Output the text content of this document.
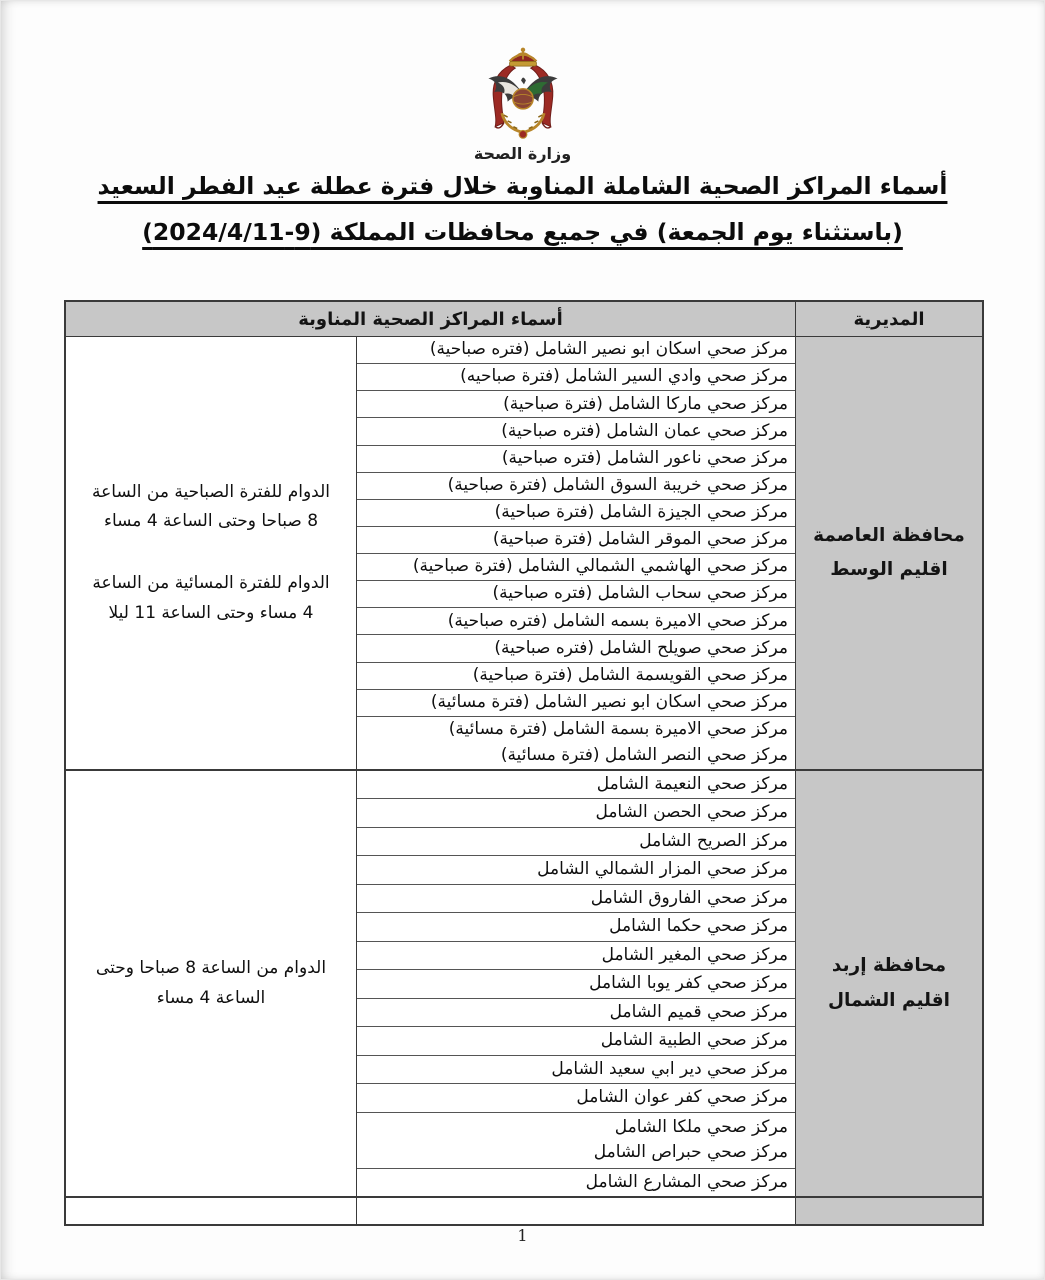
وزارة الصحة
أسماء المراكز الصحية الشاملة المناوبة خلال فترة عطلة عيد الفطر السعيد
(باستثناء يوم الجمعة) في جميع محافظات المملكة (9-2024/4/11)
المديرية
أسماء المراكز الصحية المناوبة
محافظة العاصمة
اقليم الوسط
مركز صحي اسكان ابو نصير الشامل (فتره صباحية)
مركز صحي وادي السير الشامل (فترة صباحيه)
مركز صحي ماركا الشامل (فترة صباحية)
مركز صحي عمان الشامل (فتره صباحية)
مركز صحي ناعور الشامل (فتره صباحية)
مركز صحي خريبة السوق الشامل (فترة صباحية)
مركز صحي الجيزة الشامل (فترة صباحية)
مركز صحي الموقر الشامل (فترة صباحية)
مركز صحي الهاشمي الشمالي الشامل (فترة صباحية)
مركز صحي سحاب الشامل (فتره صباحية)
مركز صحي الاميرة بسمه الشامل (فتره صباحية)
مركز صحي صويلح الشامل (فتره صباحية)
مركز صحي القويسمة الشامل (فترة صباحية)
مركز صحي اسكان ابو نصير الشامل (فترة مسائية)
مركز صحي الاميرة بسمة الشامل (فترة مسائية)
مركز صحي النصر الشامل (فترة مسائية)
الدوام للفترة الصباحية من الساعة 8 صباحا وحتى الساعة 4 مساء
الدوام للفترة المسائية من الساعة 4 مساء وحتى الساعة 11 ليلا
محافظة إربد
اقليم الشمال
مركز صحي النعيمة الشامل
مركز صحي الحصن الشامل
مركز الصريح الشامل
مركز صحي المزار الشمالي الشامل
مركز صحي الفاروق الشامل
مركز صحي حكما الشامل
مركز صحي المغير الشامل
مركز صحي كفر يوبا الشامل
مركز صحي قميم الشامل
مركز صحي الطبية الشامل
مركز صحي دير ابي سعيد الشامل
مركز صحي كفر عوان الشامل
مركز صحي ملكا الشامل
مركز صحي حبراص الشامل
مركز صحي المشارع الشامل
الدوام من الساعة 8 صباحا وحتى الساعة 4 مساء
1
